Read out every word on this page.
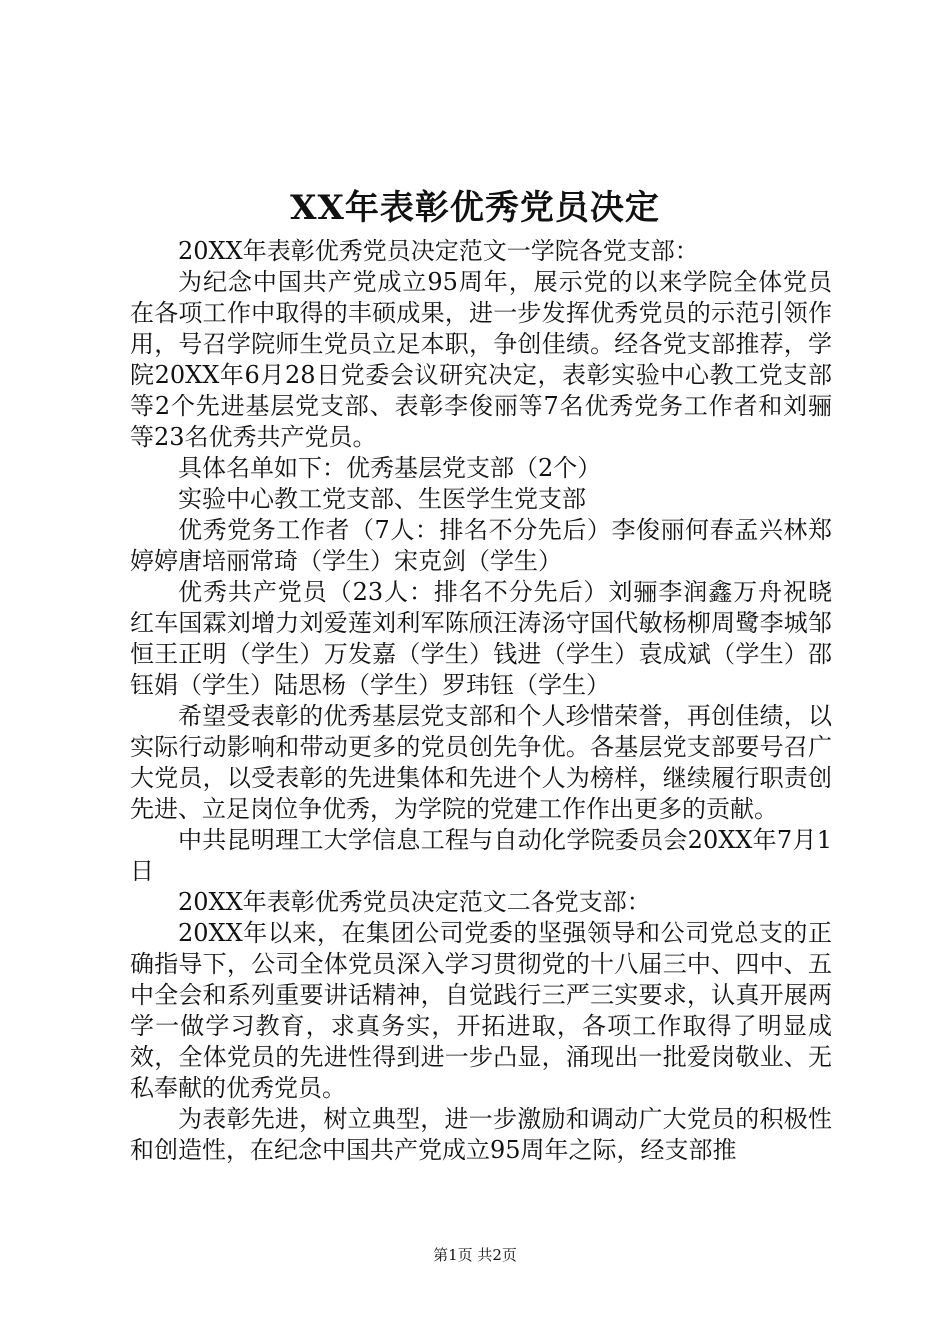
XX年表彰优秀党员决定

20XX年表彰优秀党员决定范文一学院各党支部：

为纪念中国共产党成立95周年，展示党的以来学院全体党员在各项工作中取得的丰硕成果，进一步发挥优秀党员的示范引领作用，号召学院师生党员立足本职，争创佳绩。经各党支部推荐，学院20XX年6月28日党委会议研究决定，表彰实验中心教工党支部等2个先进基层党支部、表彰李俊丽等7名优秀党务工作者和刘骊等23名优秀共产党员。

具体名单如下：优秀基层党支部（2个）

实验中心教工党支部、生医学生党支部

优秀党务工作者（7人：排名不分先后）李俊丽何春孟兴林郑婷婷唐培丽常琦（学生）宋克剑（学生）

优秀共产党员（23人：排名不分先后）刘骊李润鑫万舟祝晓红车国霖刘增力刘爱莲刘利军陈颀汪涛汤守国代敏杨柳周鹭李城邹恒王正明（学生）万发嘉（学生）钱进（学生）袁成斌（学生）邵钰娟（学生）陆思杨（学生）罗玮钰（学生）

希望受表彰的优秀基层党支部和个人珍惜荣誉，再创佳绩，以实际行动影响和带动更多的党员创先争优。各基层党支部要号召广大党员，以受表彰的先进集体和先进个人为榜样，继续履行职责创先进、立足岗位争优秀，为学院的党建工作作出更多的贡献。

中共昆明理工大学信息工程与自动化学院委员会20XX年7月1日

20XX年表彰优秀党员决定范文二各党支部：

20XX年以来，在集团公司党委的坚强领导和公司党总支的正确指导下，公司全体党员深入学习贯彻党的十八届三中、四中、五中全会和系列重要讲话精神，自觉践行三严三实要求，认真开展两学一做学习教育，求真务实，开拓进取，各项工作取得了明显成效，全体党员的先进性得到进一步凸显，涌现出一批爱岗敬业、无私奉献的优秀党员。

为表彰先进，树立典型，进一步激励和调动广大党员的积极性和创造性，在纪念中国共产党成立95周年之际，经支部推

第1页 共2页
